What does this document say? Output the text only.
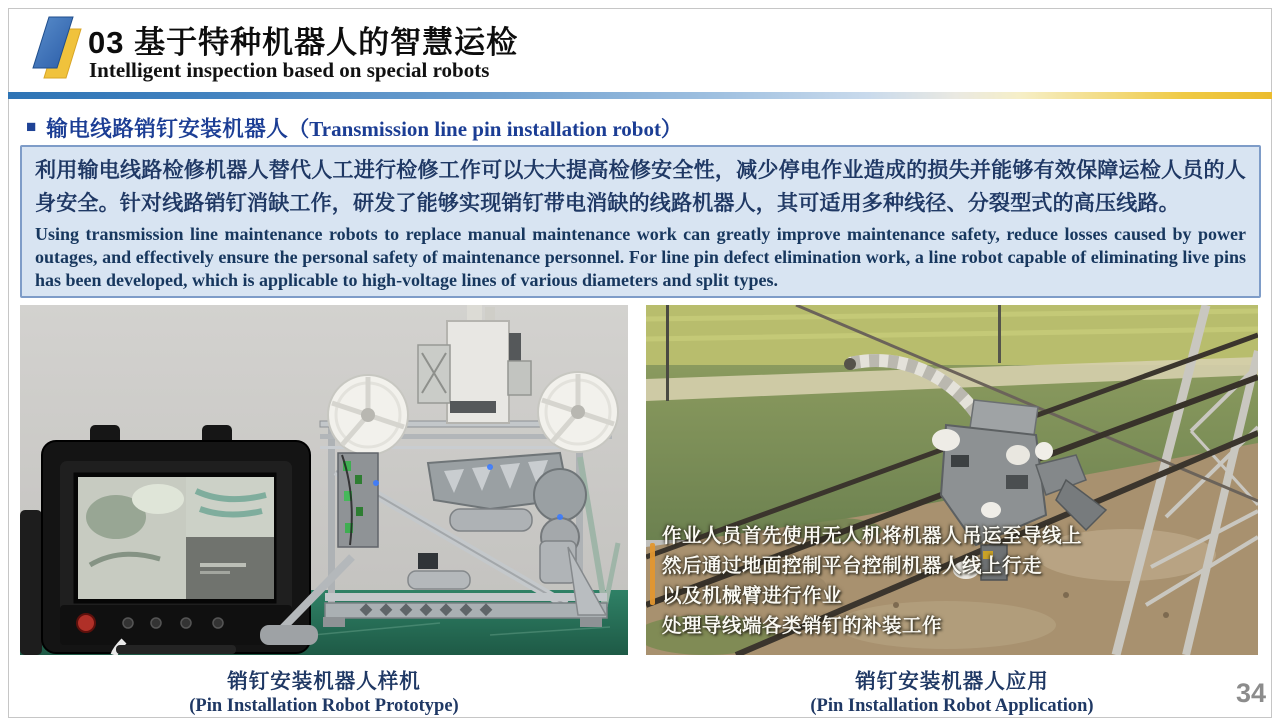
03 基于特种机器人的智慧运检
Intelligent inspection based on special robots
■ 输电线路销钉安装机器人 （Transmission line pin installation robot）
利用输电线路检修机器人替代人工进行检修工作可以大大提高检修安全性，减少停电作业造成的损失并能够有效保障运检人员的人身安全。针对线路销钉消缺工作，研发了能够实现销钉带电消缺的线路机器人，其可适用多种线径、分裂型式的高压线路。
Using transmission line maintenance robots to replace manual maintenance work can greatly improve maintenance safety, reduce losses caused by power outages, and effectively ensure the personal safety of maintenance personnel. For line pin defect elimination work, a line robot capable of eliminating live pins has been developed, which is applicable to high-voltage lines of various diameters and split types.
作业人员首先使用无人机将机器人吊运至导线上
然后通过地面控制平台控制机器人线上行走
以及机械臂进行作业
处理导线端各类销钉的补装工作
销钉安装机器人样机
(Pin Installation Robot Prototype)
销钉安装机器人应用
(Pin Installation Robot Application)	34
